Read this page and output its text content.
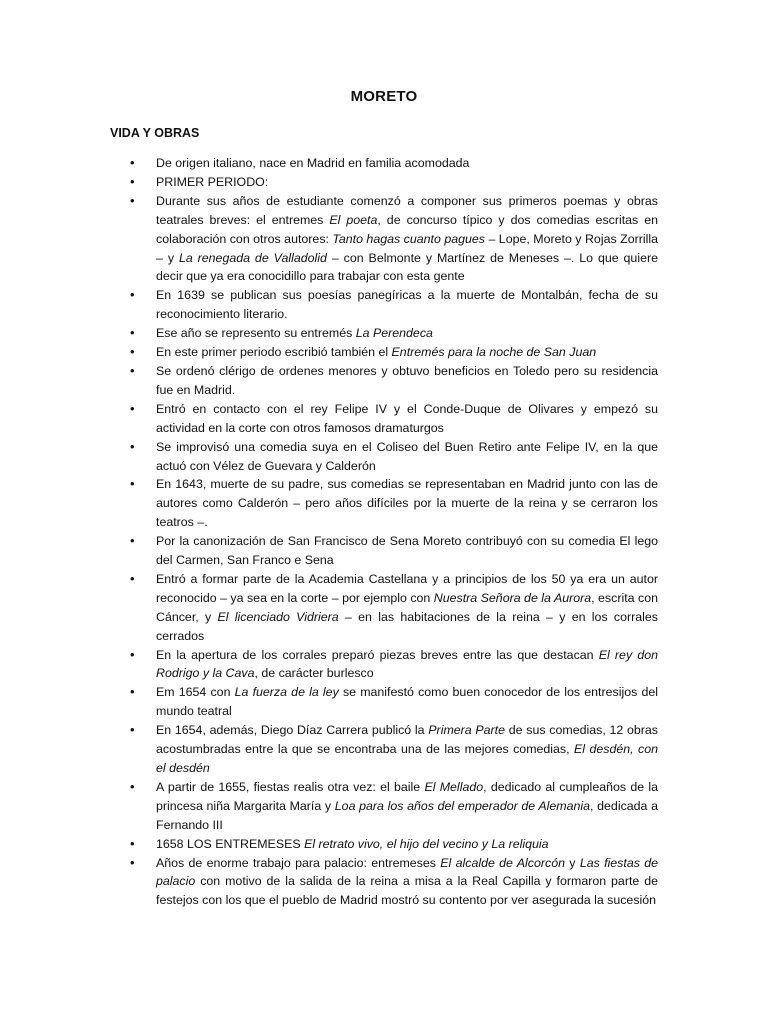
MORETO
VIDA Y OBRAS
• De origen italiano, nace en Madrid en familia acomodada
• PRIMER PERIODO:
• Durante sus años de estudiante comenzó a componer sus primeros poemas y obras teatrales breves: el entremes El poeta, de concurso típico y dos comedias escritas en colaboración con otros autores: Tanto hagas cuanto pagues – Lope, Moreto y Rojas Zorrilla – y La renegada de Valladolid – con Belmonte y Martínez de Meneses –. Lo que quiere decir que ya era conocidillo para trabajar con esta gente
• En 1639 se publican sus poesías panegíricas a la muerte de Montalbán, fecha de su reconocimiento literario.
• Ese año se represento su entremés La Perendeca
• En este primer periodo escribió también el Entremés para la noche de San Juan
• Se ordenó clérigo de ordenes menores y obtuvo beneficios en Toledo pero su residencia fue en Madrid.
• Entró en contacto con el rey Felipe IV y el Conde-Duque de Olivares y empezó su actividad en la corte con otros famosos dramaturgos
• Se improvisó una comedia suya en el Coliseo del Buen Retiro ante Felipe IV, en la que actuó con Vélez de Guevara y Calderón
• En 1643, muerte de su padre, sus comedias se representaban en Madrid junto con las de autores como Calderón – pero años difíciles por la muerte de la reina y se cerraron los teatros –.
• Por la canonización de San Francisco de Sena Moreto contribuyó con su comedia El lego del Carmen, San Franco e Sena
• Entró a formar parte de la Academia Castellana y a principios de los 50 ya era un autor reconocido – ya sea en la corte – por ejemplo con Nuestra Señora de la Aurora, escrita con Cáncer, y El licenciado Vidriera – en las habitaciones de la reina – y en los corrales cerrados
• En la apertura de los corrales preparó piezas breves entre las que destacan El rey don Rodrigo y la Cava, de carácter burlesco
• Em 1654 con La fuerza de la ley se manifestó como buen conocedor de los entresijos del mundo teatral
• En 1654, además, Diego Díaz Carrera publicó la Primera Parte de sus comedias, 12 obras acostumbradas entre la que se encontraba una de las mejores comedias, El desdén, con el desdén
• A partir de 1655, fiestas realis otra vez: el baile El Mellado, dedicado al cumpleaños de la princesa niña Margarita María y Loa para los años del emperador de Alemania, dedicada a Fernando III
• 1658 LOS ENTREMESES El retrato vivo, el hijo del vecino y La reliquia
• Años de enorme trabajo para palacio: entremeses El alcalde de Alcorcón y Las fiestas de palacio con motivo de la salida de la reina a misa a la Real Capilla y formaron parte de festejos con los que el pueblo de Madrid mostró su contento por ver asegurada la sucesión
